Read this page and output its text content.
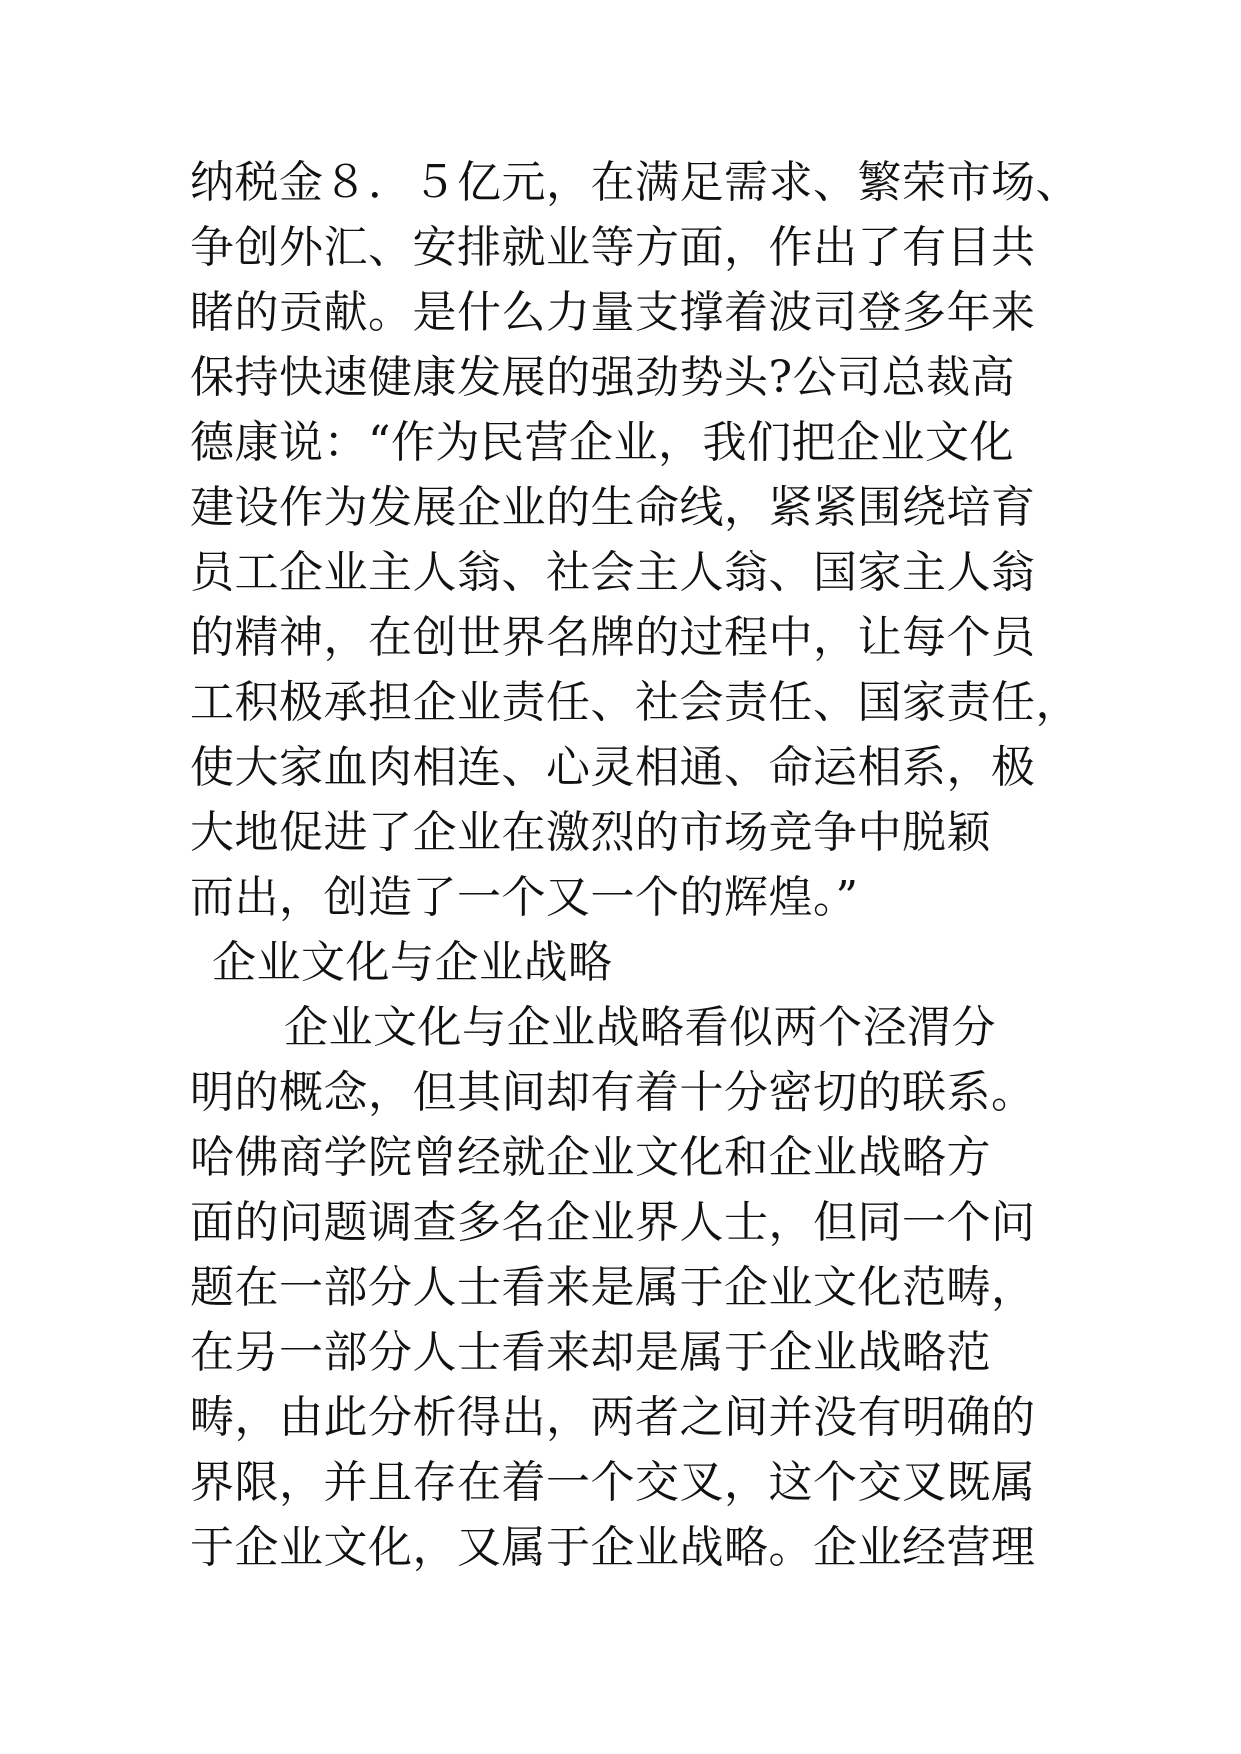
纳税金８．５亿元，在满足需求、繁荣市场、
争创外汇、安排就业等方面，作出了有目共
睹的贡献。是什么力量支撑着波司登多年来
保持快速健康发展的强劲势头?公司总裁高
德康说：“作为民营企业，我们把企业文化
建设作为发展企业的生命线，紧紧围绕培育
员工企业主人翁、社会主人翁、国家主人翁
的精神，在创世界名牌的过程中，让每个员
工积极承担企业责任、社会责任、国家责任，
使大家血肉相连、心灵相通、命运相系，极
大地促进了企业在激烈的市场竞争中脱颖
而出，创造了一个又一个的辉煌。”
企业文化与企业战略
企业文化与企业战略看似两个泾渭分
明的概念，但其间却有着十分密切的联系。
哈佛商学院曾经就企业文化和企业战略方
面的问题调查多名企业界人士，但同一个问
题在一部分人士看来是属于企业文化范畴，
在另一部分人士看来却是属于企业战略范
畴，由此分析得出，两者之间并没有明确的
界限，并且存在着一个交叉，这个交叉既属
于企业文化，又属于企业战略。企业经营理
